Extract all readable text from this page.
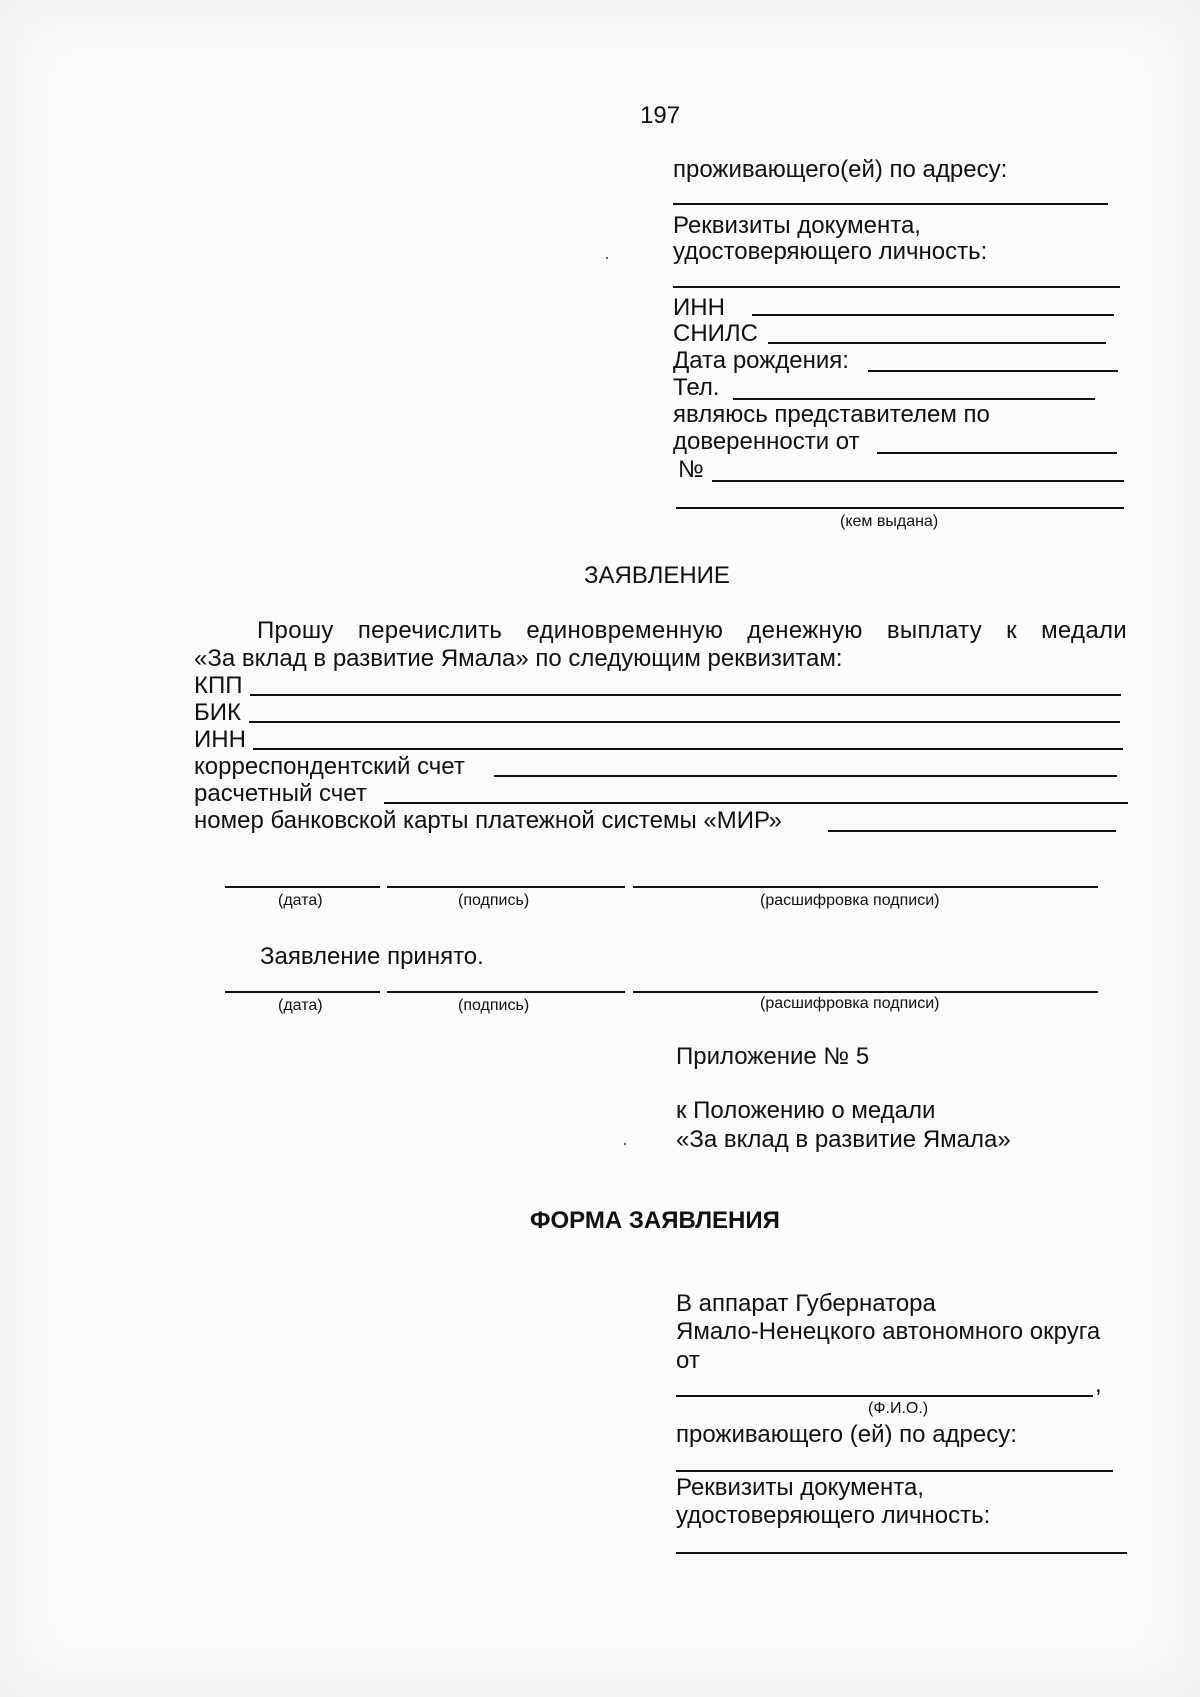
197
проживающего(ей) по адресу:
Реквизиты документа,
удостоверяющего личность:
ИНН
СНИЛС
Дата рождения:
Тел.
являюсь представителем по
доверенности от
№
(кем выдана)
ЗАЯВЛЕНИЕ
Прошу перечислить единовременную денежную выплату к медали
«За вклад в развитие Ямала» по следующим реквизитам:
КПП
БИК
ИНН
корреспондентский счет
расчетный счет
номер банковской карты платежной системы «МИР»
(дата)	(подпись)	(расшифровка подписи)
Заявление принято.
(дата)	(подпись)	(расшифровка подписи)
Приложение № 5
к Положению о медали
«За вклад в развитие Ямала»
ФОРМА ЗАЯВЛЕНИЯ
В аппарат Губернатора
Ямало-Ненецкого автономного округа
от
,
(Ф.И.О.)
проживающего (ей) по адресу:
Реквизиты документа,
удостоверяющего личность:
